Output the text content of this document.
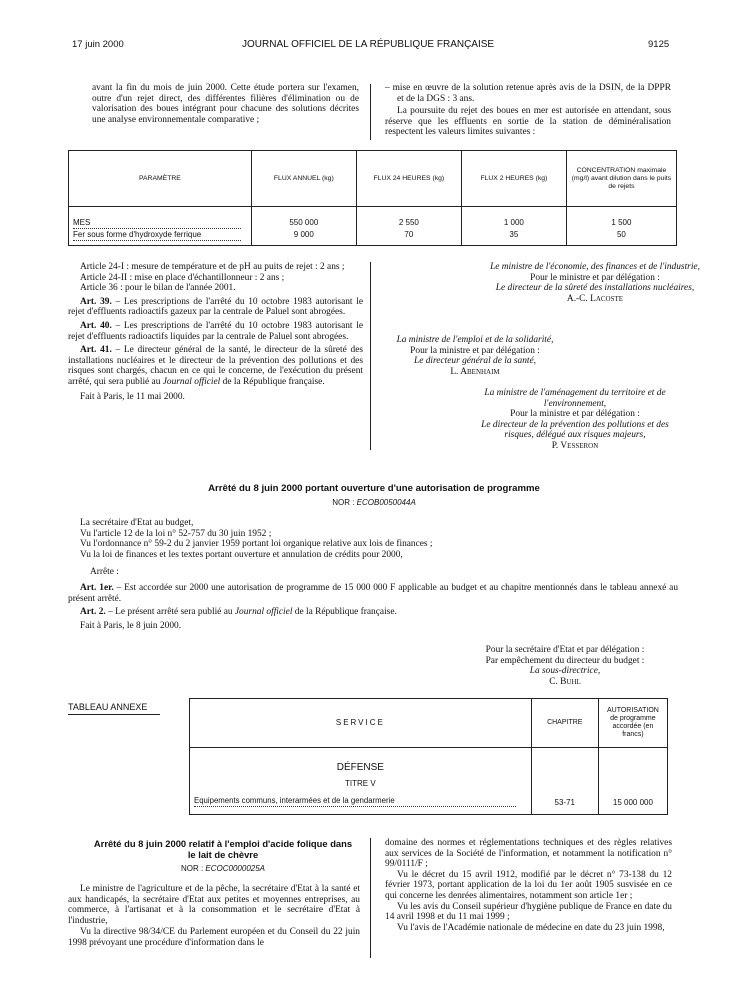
17 juin 2000	JOURNAL OFFICIEL DE LA RÉPUBLIQUE FRANÇAISE	9125

avant la fin du mois de juin 2000. Cette étude portera sur l'examen, outre d'un rejet direct, des différentes filières d'élimination ou de valorisation des boues intégrant pour chacune des solutions décrites une analyse environnementale comparative ;

– mise en œuvre de la solution retenue après avis de la DSIN, de la DPPR et de la DGS : 3 ans.

La poursuite du rejet des boues en mer est autorisée en attendant, sous réserve que les effluents en sortie de la station de déminéralisation respectent les valeurs limites suivantes :

PARAMÈTRE	FLUX ANNUEL (kg)	FLUX 24 HEURES (kg)	FLUX 2 HEURES (kg)	CONCENTRATION maximale (mg/l) avant dilution dans le puits de rejets
MES	550 000	2 550	1 000	1 500
Fer sous forme d'hydroxyde ferrique	9 000	70	35	50

Article 24-I : mesure de température et de pH au puits de rejet : 2 ans ;

Article 24-II : mise en place d'échantillonneur : 2 ans ;

Article 36 : pour le bilan de l'année 2001.

Art. 39. – Les prescriptions de l'arrêté du 10 octobre 1983 autorisant le rejet d'effluents radioactifs gazeux par la centrale de Paluel sont abrogées.

Art. 40. – Les prescriptions de l'arrêté du 10 octobre 1983 autorisant le rejet d'effluents radioactifs liquides par la centrale de Paluel sont abrogées.

Art. 41. – Le directeur général de la santé, le directeur de la sûreté des installations nucléaires et le directeur de la prévention des pollutions et des risques sont chargés, chacun en ce qui le concerne, de l'exécution du présent arrêté, qui sera publié au Journal officiel de la République française.

Fait à Paris, le 11 mai 2000.

Le ministre de l'économie, des finances et de l'industrie,
Pour le ministre et par délégation :
Le directeur de la sûreté des installations nucléaires,
A.-C. Lacoste
La ministre de l'emploi et de la solidarité,
Pour la ministre et par délégation :
Le directeur général de la santé,
L. Abenhaim
La ministre de l'aménagement du territoire et de l'environnement,
Pour la ministre et par délégation :
Le directeur de la prévention des pollutions et des risques, délégué aux risques majeurs,
P. Vesseron
Arrêté du 8 juin 2000 portant ouverture d'une autorisation de programme
NOR : ECOB0050044A

La secrétaire d'Etat au budget,

Vu l'article 12 de la loi n° 52-757 du 30 juin 1952 ;

Vu l'ordonnance n° 59-2 du 2 janvier 1959 portant loi organique relative aux lois de finances ;

Vu la loi de finances et les textes portant ouverture et annulation de crédits pour 2000,

Arrête :

Art. 1er. – Est accordée sur 2000 une autorisation de programme de 15 000 000 F applicable au budget et au chapitre mentionnés dans le tableau annexé au présent arrêté.

Art. 2. – Le présent arrêté sera publié au Journal officiel de la République française.

Fait à Paris, le 8 juin 2000.

Pour la secrétaire d'Etat et par délégation :
Par empêchement du directeur du budget :
La sous-directrice,
C. Buhl
TABLEAU ANNEXE
SERVICE	CHAPITRE	AUTORISATION de programme accordée (en francs)

DÉFENSE
TITRE V
Equipements communs, interarmées et de la gendarmerie	53-71	15 000 000
Arrêté du 8 juin 2000 relatif à l'emploi d'acide folique dans le lait de chèvre
NOR : ECOC0000025A

Le ministre de l'agriculture et de la pêche, la secrétaire d'Etat à la santé et aux handicapés, la secrétaire d'Etat aux petites et moyennes entreprises, au commerce, à l'artisanat et à la consommation et le secrétaire d'Etat à l'industrie,

Vu la directive 98/34/CE du Parlement européen et du Conseil du 22 juin 1998 prévoyant une procédure d'information dans le

domaine des normes et réglementations techniques et des règles relatives aux services de la Société de l'information, et notamment la notification n° 99/0111/F ;

Vu le décret du 15 avril 1912, modifié par le décret n° 73-138 du 12 février 1973, portant application de la loi du 1er août 1905 susvisée en ce qui concerne les denrées alimentaires, notamment son article 1er ;

Vu les avis du Conseil supérieur d'hygiène publique de France en date du 14 avril 1998 et du 11 mai 1999 ;

Vu l'avis de l'Académie nationale de médecine en date du 23 juin 1998,
